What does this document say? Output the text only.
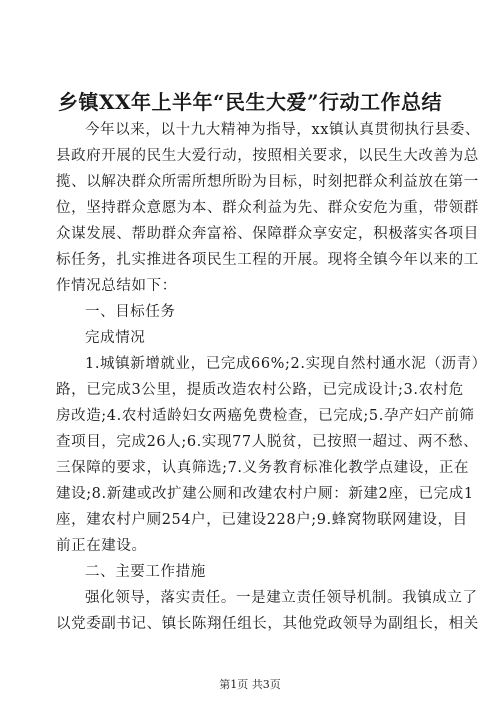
乡镇XX年上半年“民生大爱”行动工作总结
今年以来，以十九大精神为指导，xx镇认真贯彻执行县委、
县政府开展的民生大爱行动，按照相关要求，以民生大改善为总
揽、以解决群众所需所想所盼为目标，时刻把群众利益放在第一
位，坚持群众意愿为本、群众利益为先、群众安危为重，带领群
众谋发展、帮助群众奔富裕、保障群众享安定，积极落实各项目
标任务，扎实推进各项民生工程的开展。现将全镇今年以来的工
作情况总结如下：
一、目标任务
完成情况
1.城镇新增就业，已完成66%;2.实现自然村通水泥（沥青）
路，已完成3公里，提质改造农村公路，已完成设计;3.农村危
房改造;4.农村适龄妇女两癌免费检查，已完成;5.孕产妇产前筛
查项目，完成26人;6.实现77人脱贫，已按照一超过、两不愁、
三保障的要求，认真筛选;7.义务教育标准化教学点建设，正在
建设;8.新建或改扩建公厕和改建农村户厕：新建2座，已完成1
座，建农村户厕254户，已建设228户;9.蜂窝物联网建设，目
前正在建设。
二、主要工作措施
强化领导，落实责任。一是建立责任领导机制。我镇成立了
以党委副书记、镇长陈翔任组长，其他党政领导为副组长，相关
第1页 共3页
